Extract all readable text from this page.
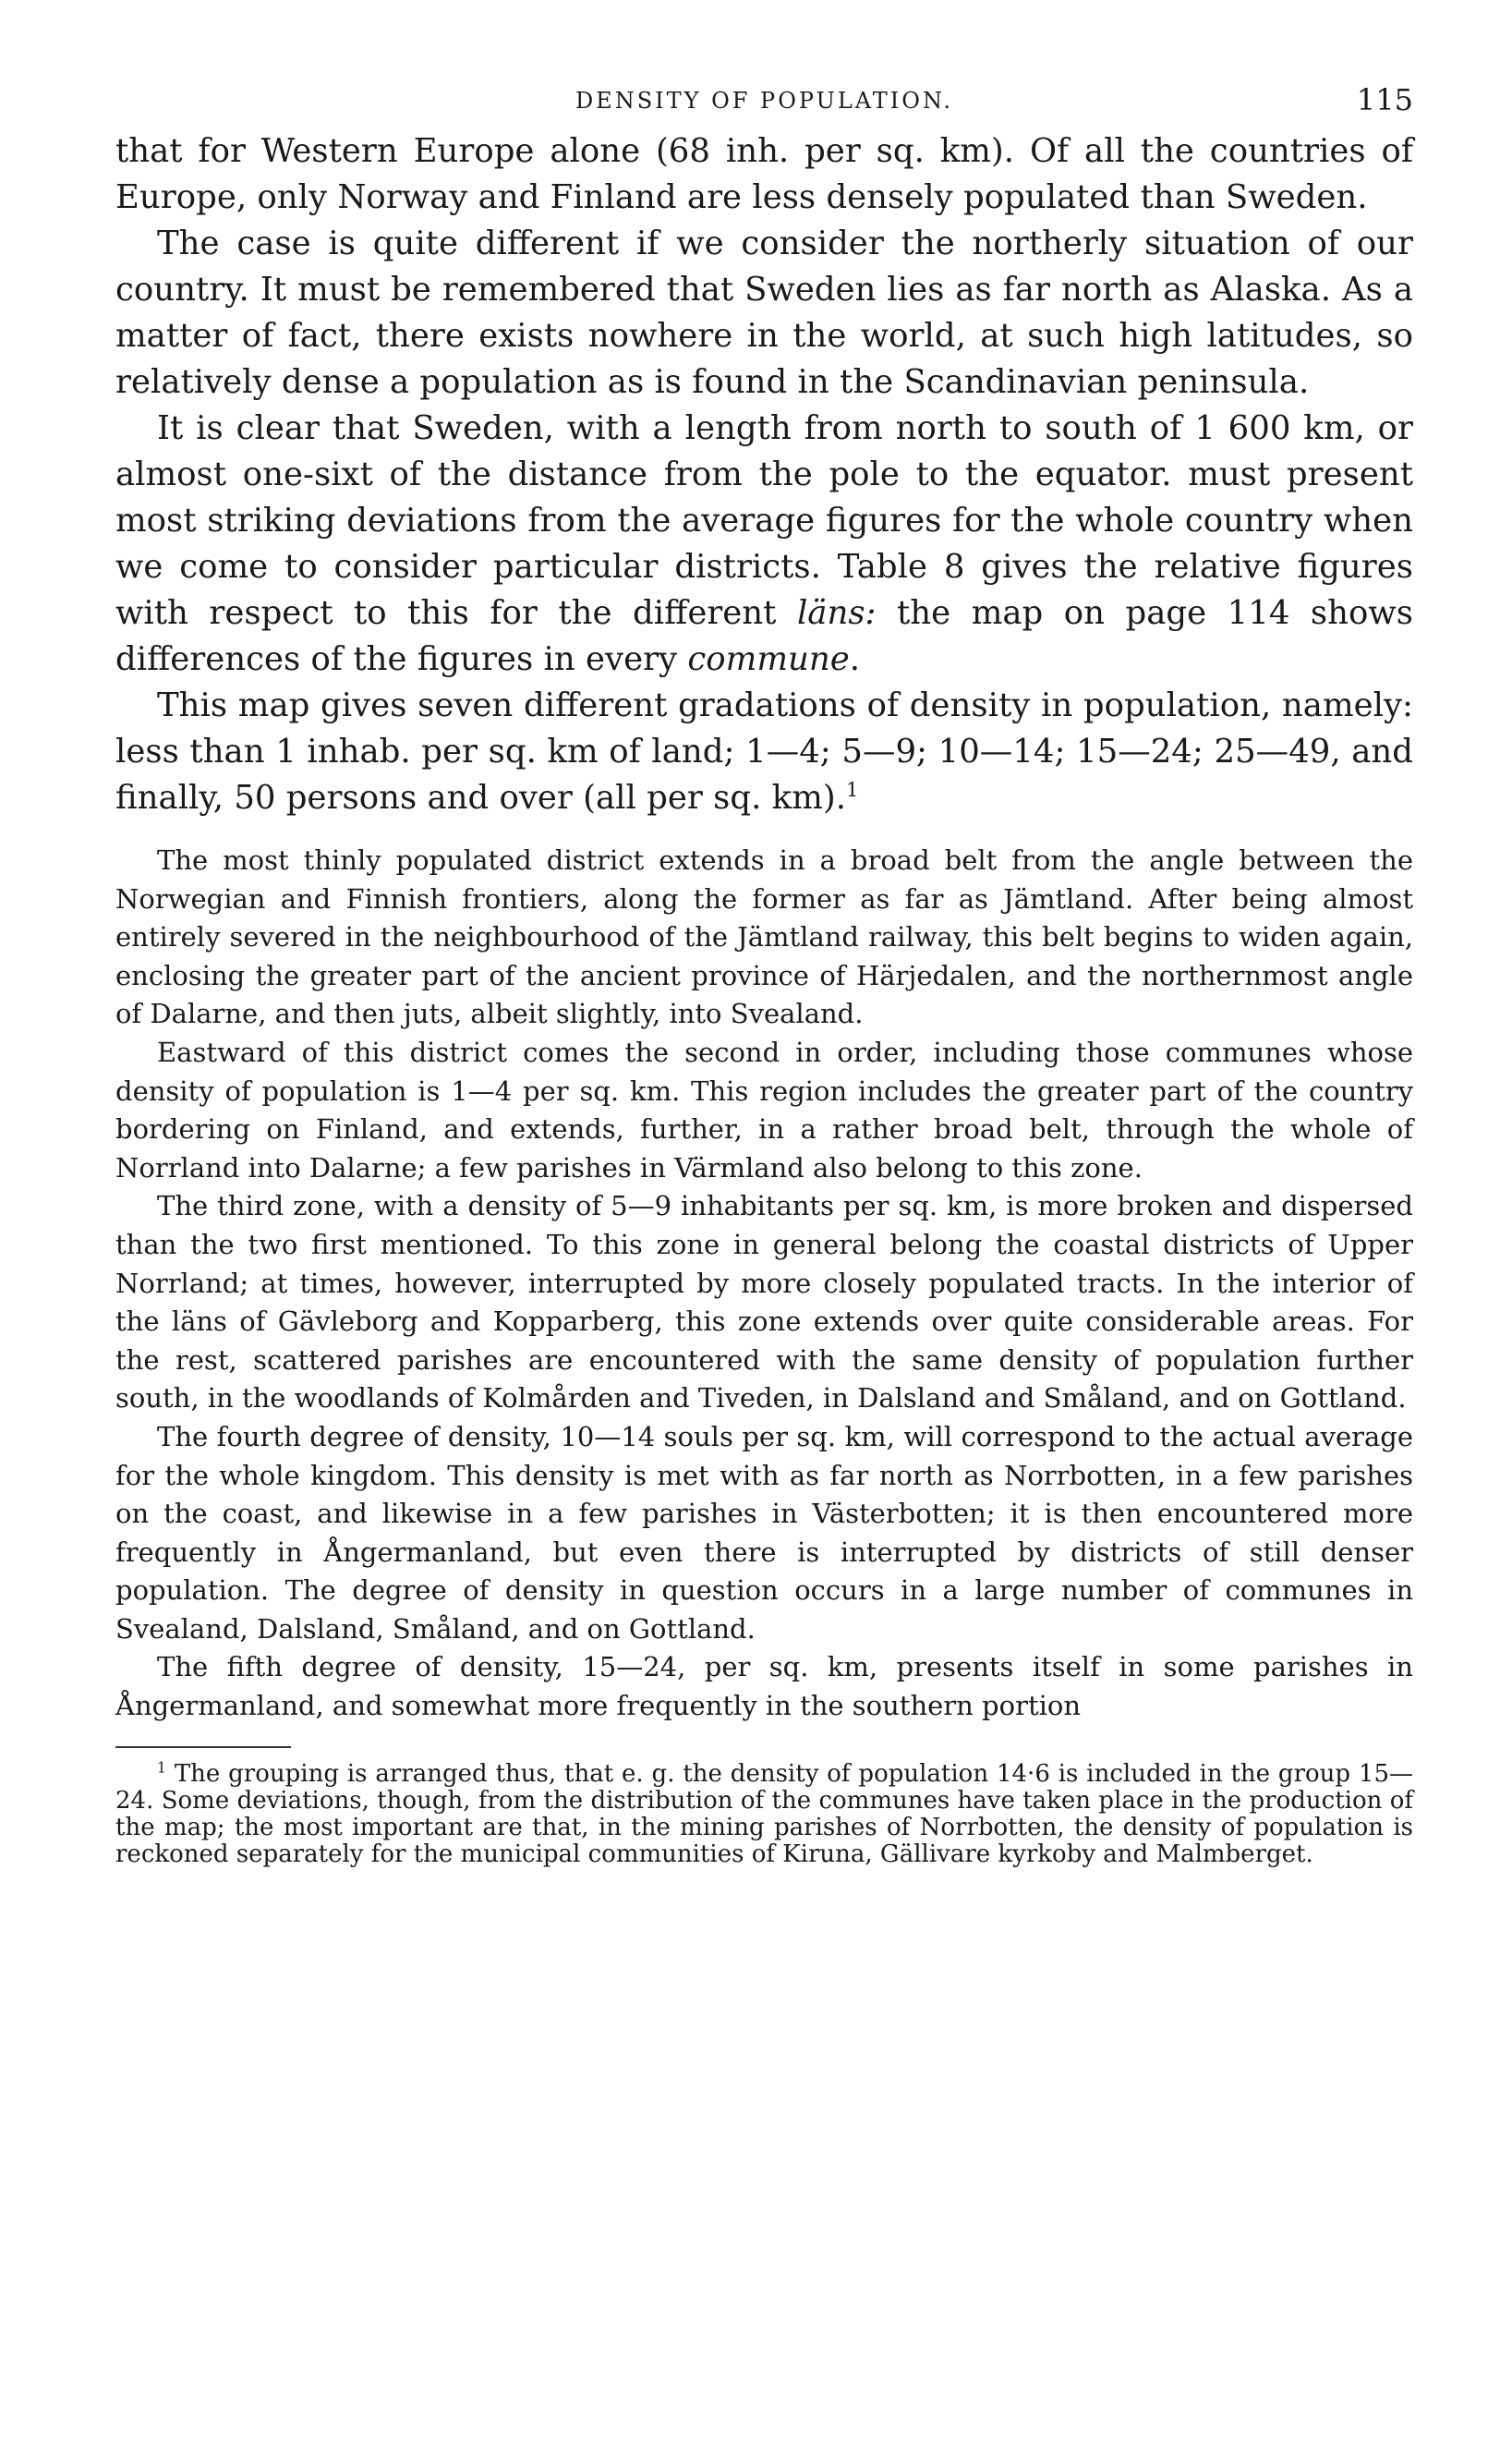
DENSITY OF POPULATION.	115

that for Western Europe alone (68 inh. per sq. km). Of all the countries of Europe, only Norway and Finland are less densely populated than Sweden.

The case is quite different if we consider the northerly situation of our country. It must be remembered that Sweden lies as far north as Alaska. As a matter of fact, there exists nowhere in the world, at such high latitudes, so relatively dense a population as is found in the Scandinavian peninsula.

It is clear that Sweden, with a length from north to south of 1 600 km, or almost one-sixt of the distance from the pole to the equator. must present most striking deviations from the average figures for the whole country when we come to consider particular districts. Table 8 gives the relative figures with respect to this for the different läns: the map on page 114 shows differences of the figures in every commune.

This map gives seven different gradations of density in population, namely: less than 1 inhab. per sq. km of land; 1—4; 5—9; 10—14; 15—24; 25—49, and finally, 50 persons and over (all per sq. km).$^1$

The most thinly populated district extends in a broad belt from the angle between the Norwegian and Finnish frontiers, along the former as far as Jämtland. After being almost entirely severed in the neighbourhood of the Jämtland railway, this belt begins to widen again, enclosing the greater part of the ancient province of Härjedalen, and the northernmost angle of Dalarne, and then juts, albeit slightly, into Svealand.

Eastward of this district comes the second in order, including those communes whose density of population is 1—4 per sq. km. This region includes the greater part of the country bordering on Finland, and extends, further, in a rather broad belt, through the whole of Norrland into Dalarne; a few parishes in Värmland also belong to this zone.

The third zone, with a density of 5—9 inhabitants per sq. km, is more broken and dispersed than the two first mentioned. To this zone in general belong the coastal districts of Upper Norrland; at times, however, interrupted by more closely populated tracts. In the interior of the läns of Gävleborg and Kopparberg, this zone extends over quite considerable areas. For the rest, scattered parishes are encountered with the same density of population further south, in the woodlands of Kolmården and Tiveden, in Dalsland and Småland, and on Gottland.

The fourth degree of density, 10—14 souls per sq. km, will correspond to the actual average for the whole kingdom. This density is met with as far north as Norrbotten, in a few parishes on the coast, and likewise in a few parishes in Västerbotten; it is then encountered more frequently in Ångermanland, but even there is interrupted by districts of still denser population. The degree of density in question occurs in a large number of communes in Svealand, Dalsland, Småland, and on Gottland.

The fifth degree of density, 15—24, per sq. km, presents itself in some parishes in Ångermanland, and somewhat more frequently in the southern portion

$^1$ The grouping is arranged thus, that e. g. the density of population 14·6 is included in the group 15—24. Some deviations, though, from the distribution of the communes have taken place in the production of the map; the most important are that, in the mining parishes of Norrbotten, the density of population is reckoned separately for the municipal communities of Kiruna, Gällivare kyrkoby and Malmberget.
